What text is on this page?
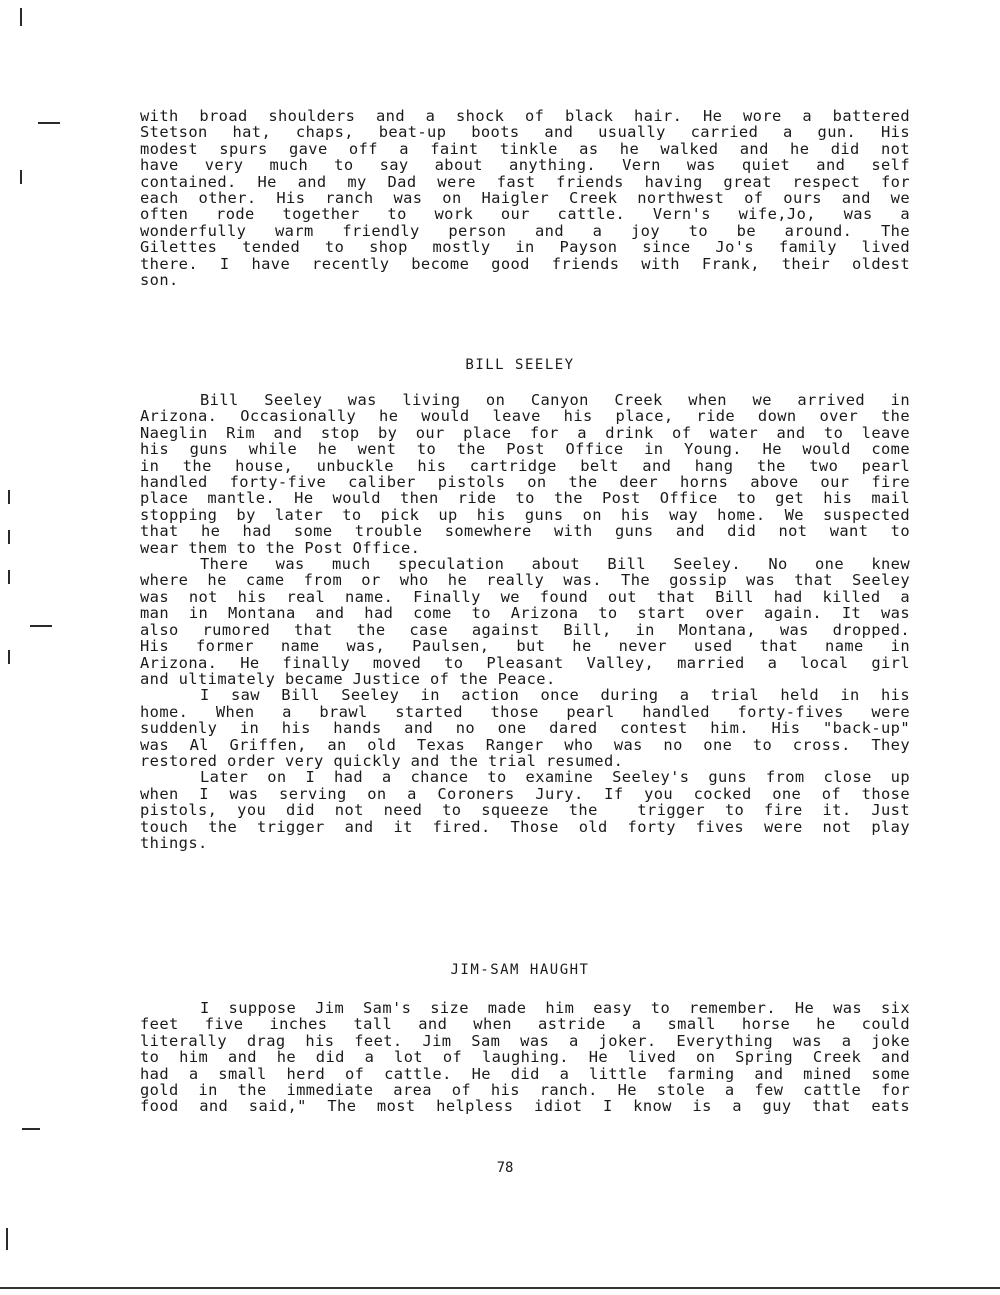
with broad shoulders and a shock of black hair. He wore a battered
Stetson hat, chaps, beat-up boots and usually carried a gun. His
modest spurs gave off a faint tinkle as he walked and he did not
have very much to say about anything. Vern was quiet and self
contained. He and my Dad were fast friends having great respect for
each other. His ranch was on Haigler Creek northwest of ours and we
often rode together to work our cattle. Vern's wife,Jo, was a
wonderfully warm friendly person and a joy to be around. The
Gilettes tended to shop mostly in Payson since Jo's family lived
there. I have recently become good friends with Frank, their oldest
son.
BILL SEELEY
Bill Seeley was living on Canyon Creek when we arrived in
Arizona. Occasionally he would leave his place, ride down over the
Naeglin Rim and stop by our place for a drink of water and to leave
his guns while he went to the Post Office in Young. He would come
in the house, unbuckle his cartridge belt and hang the two pearl
handled forty-five caliber pistols on the deer horns above our fire
place mantle. He would then ride to the Post Office to get his mail
stopping by later to pick up his guns on his way home. We suspected
that he had some trouble somewhere with guns and did not want to
wear them to the Post Office.
There was much speculation about Bill Seeley. No one knew
where he came from or who he really was. The gossip was that Seeley
was not his real name. Finally we found out that Bill had killed a
man in Montana and had come to Arizona to start over again. It was
also rumored that the case against Bill, in Montana, was dropped.
His former name was, Paulsen, but he never used that name in
Arizona. He finally moved to Pleasant Valley, married a local girl
and ultimately became Justice of the Peace.
I saw Bill Seeley in action once during a trial held in his
home. When a brawl started those pearl handled forty-fives were
suddenly in his hands and no one dared contest him. His "back-up"
was Al Griffen, an old Texas Ranger who was no one to cross. They
restored order very quickly and the trial resumed.
Later on I had a chance to examine Seeley's guns from close up
when I was serving on a Coroners Jury. If you cocked one of those
pistols, you did not need to squeeze the  trigger to fire it. Just
touch the trigger and it fired. Those old forty fives were not play
things.
JIM-SAM HAUGHT
I suppose Jim Sam's size made him easy to remember. He was six
feet five inches tall and when astride a small horse he could
literally drag his feet. Jim Sam was a joker. Everything was a joke
to him and he did a lot of laughing. He lived on Spring Creek and
had a small herd of cattle. He did a little farming and mined some
gold in the immediate area of his ranch. He stole a few cattle for
food and said," The most helpless idiot I know is a guy that eats
78
